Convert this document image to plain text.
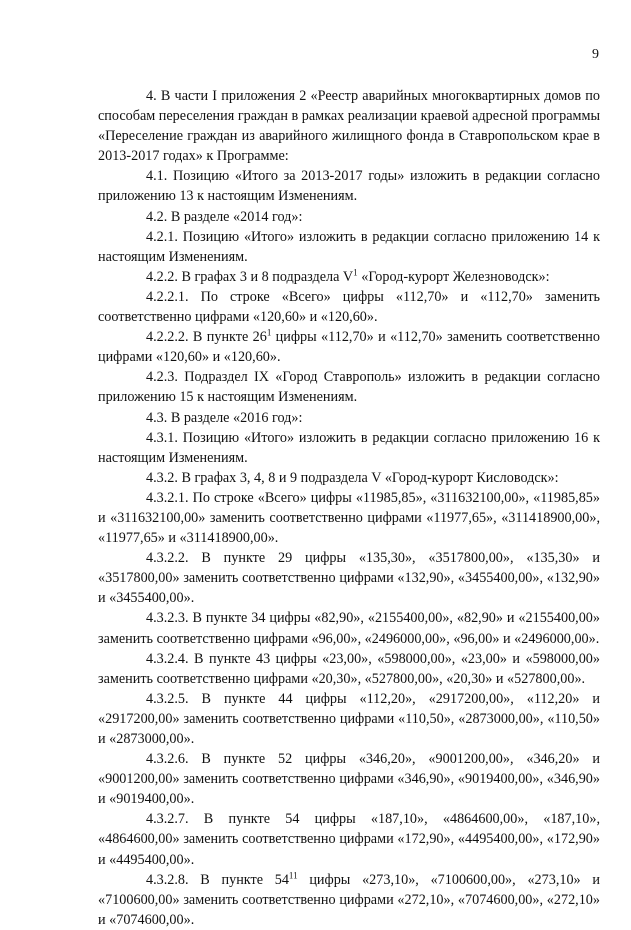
9

4. В части I приложения 2 «Реестр аварийных многоквартирных домов по способам переселения граждан в рамках реализации краевой адресной программы «Переселение граждан из аварийного жилищного фонда в Ставропольском крае в 2013-2017 годах» к Программе:

4.1. Позицию «Итого за 2013-2017 годы» изложить в редакции согласно приложению 13 к настоящим Изменениям.

4.2. В разделе «2014 год»:

4.2.1. Позицию «Итого» изложить в редакции согласно приложению 14 к настоящим Изменениям.

4.2.2. В графах 3 и 8 подраздела $V^1$ «Город-курорт Железноводск»:

4.2.2.1. По строке «Всего» цифры «112,70» и «112,70» заменить соответственно цифрами «120,60» и «120,60».

4.2.2.2. В пункте $26^1$ цифры «112,70» и «112,70» заменить соответственно цифрами «120,60» и «120,60».

4.2.3. Подраздел IX «Город Ставрополь» изложить в редакции согласно приложению 15 к настоящим Изменениям.

4.3. В разделе «2016 год»:

4.3.1. Позицию «Итого» изложить в редакции согласно приложению 16 к настоящим Изменениям.

4.3.2. В графах 3, 4, 8 и 9 подраздела V «Город-курорт Кисловодск»:

4.3.2.1. По строке «Всего» цифры «11985,85», «311632100,00», «11985,85» и «311632100,00» заменить соответственно цифрами «11977,65», «311418900,00», «11977,65» и «311418900,00».

4.3.2.2. В пункте 29 цифры «135,30», «3517800,00», «135,30» и «3517800,00» заменить соответственно цифрами «132,90», «3455400,00», «132,90» и «3455400,00».

4.3.2.3. В пункте 34 цифры «82,90», «2155400,00», «82,90» и «2155400,00» заменить соответственно цифрами «96,00», «2496000,00», «96,00» и «2496000,00».

4.3.2.4. В пункте 43 цифры «23,00», «598000,00», «23,00» и «598000,00» заменить соответственно цифрами «20,30», «527800,00», «20,30» и «527800,00».

4.3.2.5. В пункте 44 цифры «112,20», «2917200,00», «112,20» и «2917200,00» заменить соответственно цифрами «110,50», «2873000,00», «110,50» и «2873000,00».

4.3.2.6. В пункте 52 цифры «346,20», «9001200,00», «346,20» и «9001200,00» заменить соответственно цифрами «346,90», «9019400,00», «346,90» и «9019400,00».

4.3.2.7. В пункте 54 цифры «187,10», «4864600,00», «187,10», «4864600,00» заменить соответственно цифрами «172,90», «4495400,00», «172,90» и «4495400,00».

4.3.2.8. В пункте $54^{11}$ цифры «273,10», «7100600,00», «273,10» и «7100600,00» заменить соответственно цифрами «272,10», «7074600,00», «272,10» и «7074600,00».
